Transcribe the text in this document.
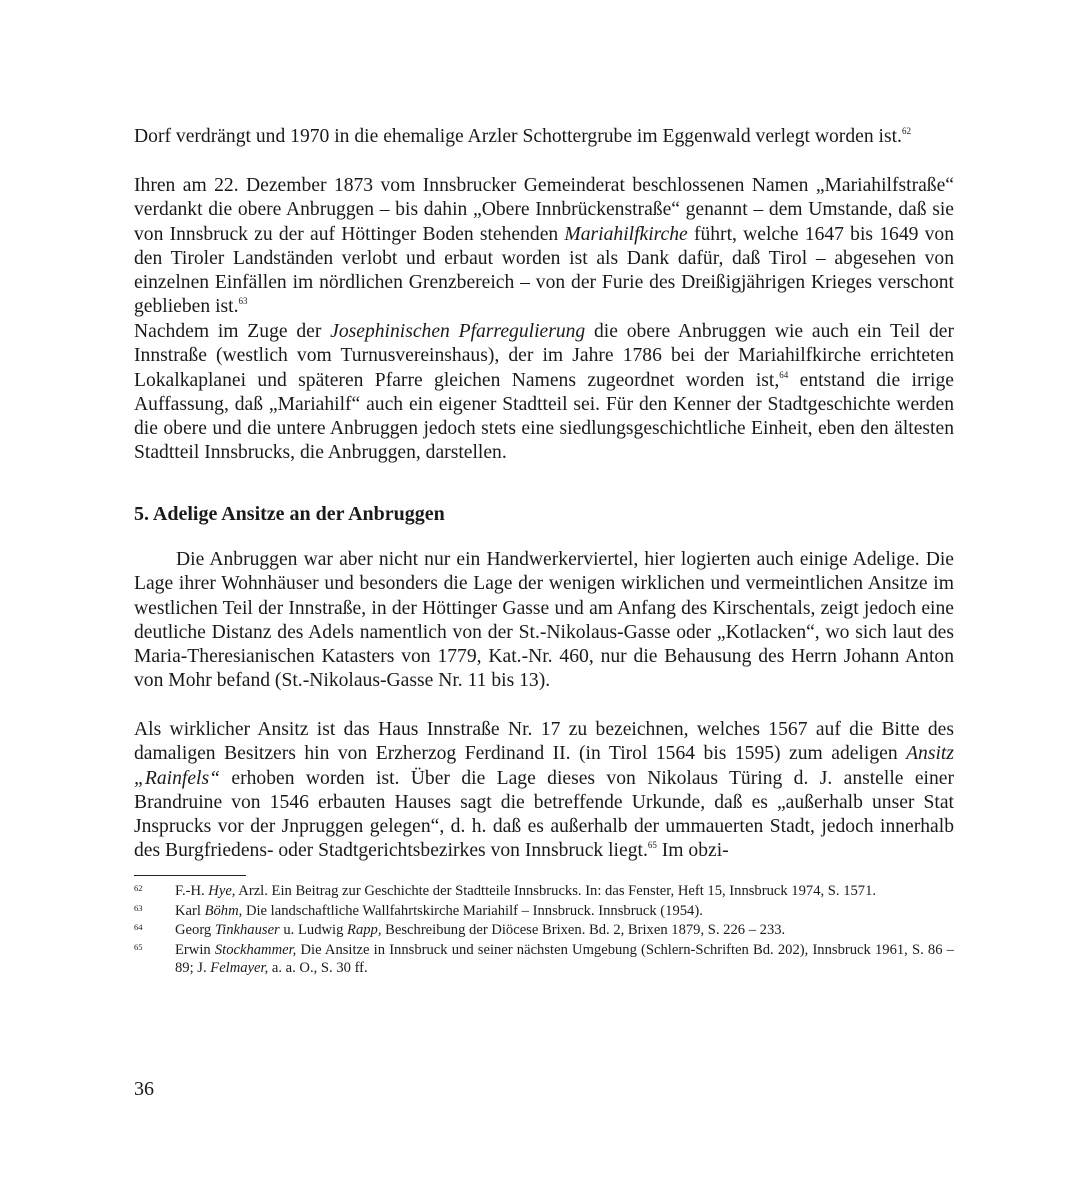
Dorf verdrängt und 1970 in die ehemalige Arzler Schottergrube im Eggenwald verlegt worden ist.$^{62}$

Ihren am 22. Dezember 1873 vom Innsbrucker Gemeinderat beschlossenen Namen „Mariahilfstraße“ verdankt die obere Anbruggen – bis dahin „Obere Innbrückenstraße“ genannt – dem Umstande, daß sie von Innsbruck zu der auf Höttinger Boden stehenden Mariahilfkirche führt, welche 1647 bis 1649 von den Tiroler Landständen verlobt und erbaut worden ist als Dank dafür, daß Tirol – abgesehen von einzelnen Einfällen im nördlichen Grenzbereich – von der Furie des Dreißigjährigen Krieges verschont geblieben ist.$^{63}$

Nachdem im Zuge der Josephinischen Pfarregulierung die obere Anbruggen wie auch ein Teil der Innstraße (westlich vom Turnusvereinshaus), der im Jahre 1786 bei der Mariahilfkirche errichteten Lokalkaplanei und späteren Pfarre gleichen Namens zugeordnet worden ist,$^{64}$ entstand die irrige Auffassung, daß „Mariahilf“ auch ein eigener Stadtteil sei. Für den Kenner der Stadtgeschichte werden die obere und die untere Anbruggen jedoch stets eine siedlungsgeschichtliche Einheit, eben den ältesten Stadtteil Innsbrucks, die Anbruggen, darstellen.

5. Adelige Ansitze an der Anbruggen

Die Anbruggen war aber nicht nur ein Handwerkerviertel, hier logierten auch einige Adelige. Die Lage ihrer Wohnhäuser und besonders die Lage der wenigen wirklichen und vermeintlichen Ansitze im westlichen Teil der Innstraße, in der Höttinger Gasse und am Anfang des Kirschentals, zeigt jedoch eine deutliche Distanz des Adels namentlich von der St.-Nikolaus-Gasse oder „Kotlacken“, wo sich laut des Maria-Theresianischen Katasters von 1779, Kat.-Nr. 460, nur die Behausung des Herrn Johann Anton von Mohr befand (St.-Nikolaus-Gasse Nr. 11 bis 13).

Als wirklicher Ansitz ist das Haus Innstraße Nr. 17 zu bezeichnen, welches 1567 auf die Bitte des damaligen Besitzers hin von Erzherzog Ferdinand II. (in Tirol 1564 bis 1595) zum adeligen Ansitz „Rainfels“ erhoben worden ist. Über die Lage dieses von Nikolaus Türing d. J. anstelle einer Brandruine von 1546 erbauten Hauses sagt die betreffende Urkunde, daß es „außerhalb unser Stat Jnsprucks vor der Jnpruggen gelegen“, d. h. daß es außerhalb der ummauerten Stadt, jedoch innerhalb des Burgfriedens- oder Stadtgerichtsbezirkes von Innsbruck liegt.$^{65}$ Im obzi-

62 F.-H. Hye, Arzl. Ein Beitrag zur Geschichte der Stadtteile Innsbrucks. In: das Fenster, Heft 15, Innsbruck 1974, S. 1571.
63 Karl Böhm, Die landschaftliche Wallfahrtskirche Mariahilf – Innsbruck. Innsbruck (1954).
64 Georg Tinkhauser u. Ludwig Rapp, Beschreibung der Diöcese Brixen. Bd. 2, Brixen 1879, S. 226 – 233.
65 Erwin Stockhammer, Die Ansitze in Innsbruck und seiner nächsten Umgebung (Schlern-Schriften Bd. 202), Innsbruck 1961, S. 86 – 89; J. Felmayer, a. a. O., S. 30 ff.

36
